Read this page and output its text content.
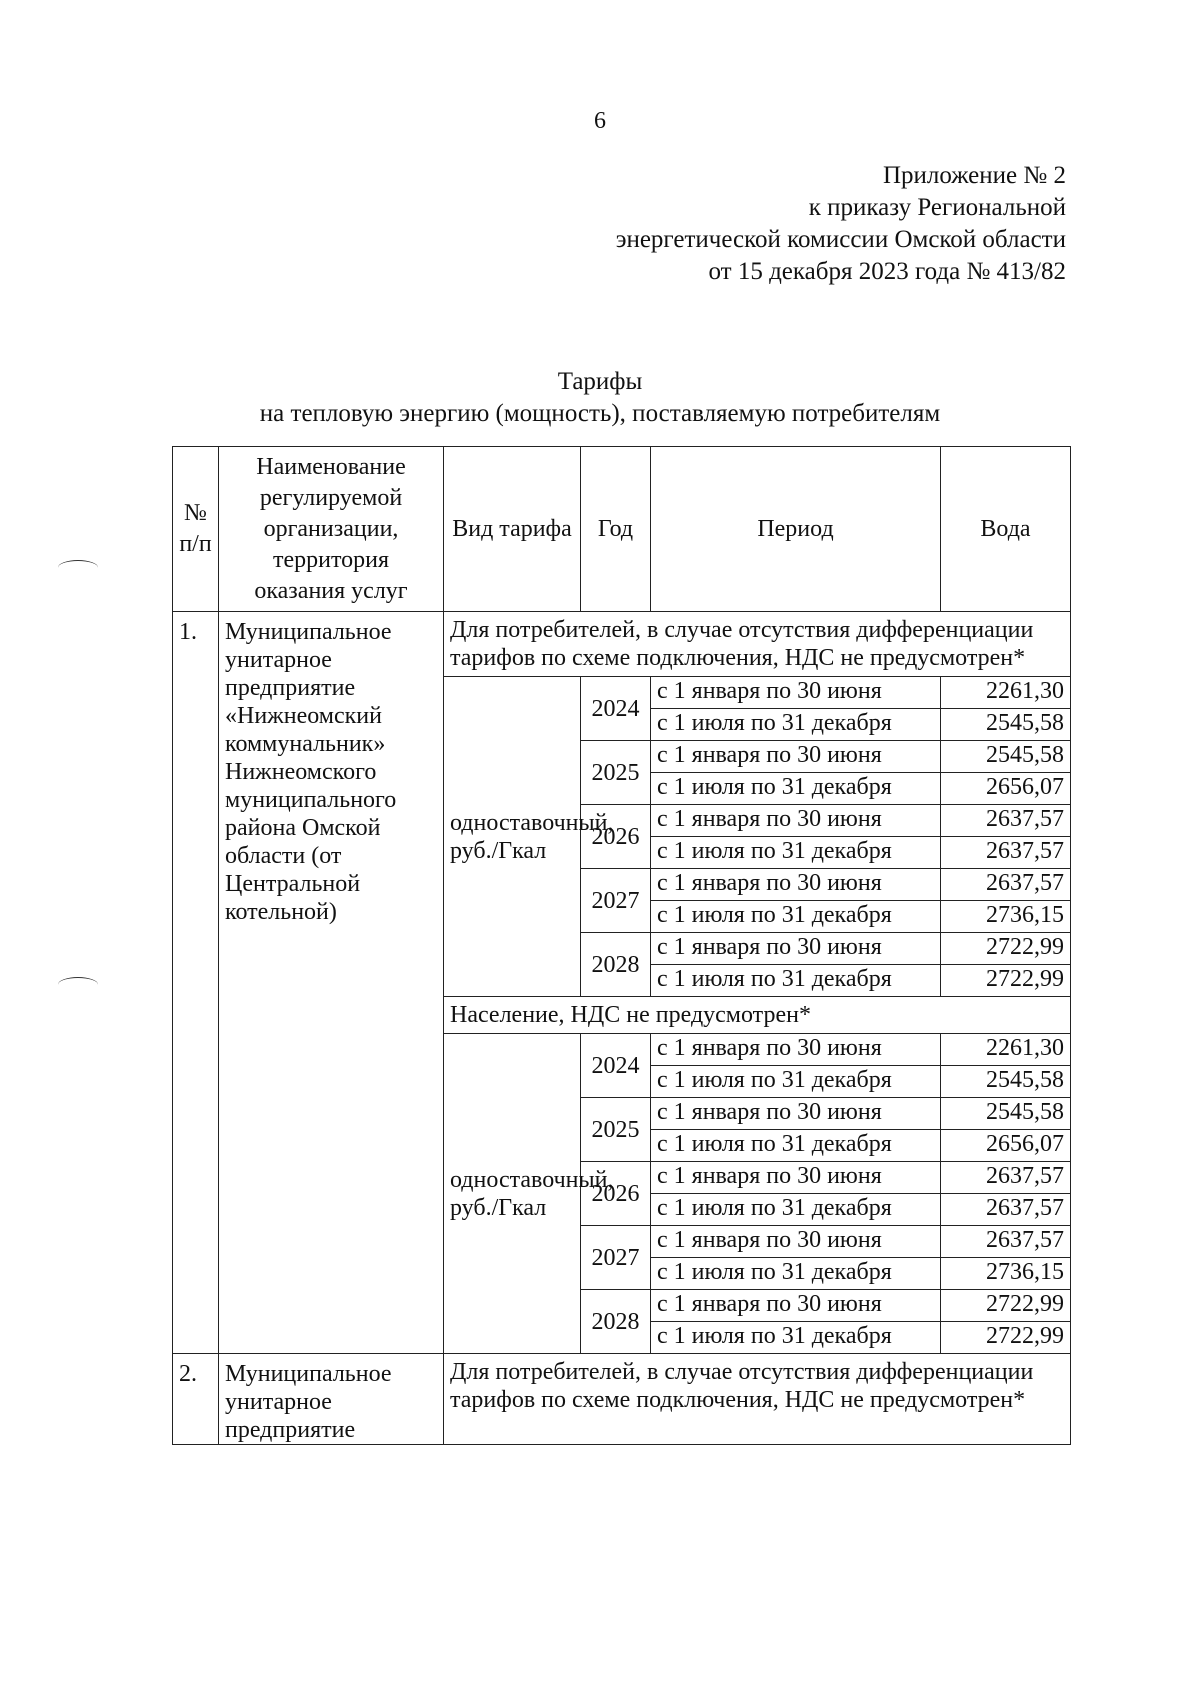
6
Приложение № 2
к приказу Региональной
энергетической комиссии Омской области
от 15 декабря 2023 года № 413/82
Тарифы
на тепловую энергию (мощность), поставляемую потребителям
№ п/п	Наименование регулируемой организации, территория оказания услуг	Вид тарифа	Год	Период	Вода
1.	Муниципальное унитарное предприятие «Нижнеомский коммунальник» Нижнеомского муниципального района Омской области (от Центральной котельной)	Для потребителей, в случае отсутствия дифференциации тарифов по схеме подключения, НДС не предусмотрен*			
		одноставочный, руб./Гкал	2024	с 1 января по 30 июня	2261,30
				с 1 июля по 31 декабря	2545,58
			2025	с 1 января по 30 июня	2545,58
				с 1 июля по 31 декабря	2656,07
			2026	с 1 января по 30 июня	2637,57
				с 1 июля по 31 декабря	2637,57
			2027	с 1 января по 30 июня	2637,57
				с 1 июля по 31 декабря	2736,15
			2028	с 1 января по 30 июня	2722,99
				с 1 июля по 31 декабря	2722,99
		Население, НДС не предусмотрен*			
		одноставочный, руб./Гкал	2024	с 1 января по 30 июня	2261,30
				с 1 июля по 31 декабря	2545,58
			2025	с 1 января по 30 июня	2545,58
				с 1 июля по 31 декабря	2656,07
			2026	с 1 января по 30 июня	2637,57
				с 1 июля по 31 декабря	2637,57
			2027	с 1 января по 30 июня	2637,57
				с 1 июля по 31 декабря	2736,15
			2028	с 1 января по 30 июня	2722,99
				с 1 июля по 31 декабря	2722,99
2.	Муниципальное унитарное предприятие	Для потребителей, в случае отсутствия дифференциации тарифов по схеме подключения, НДС не предусмотрен*			
